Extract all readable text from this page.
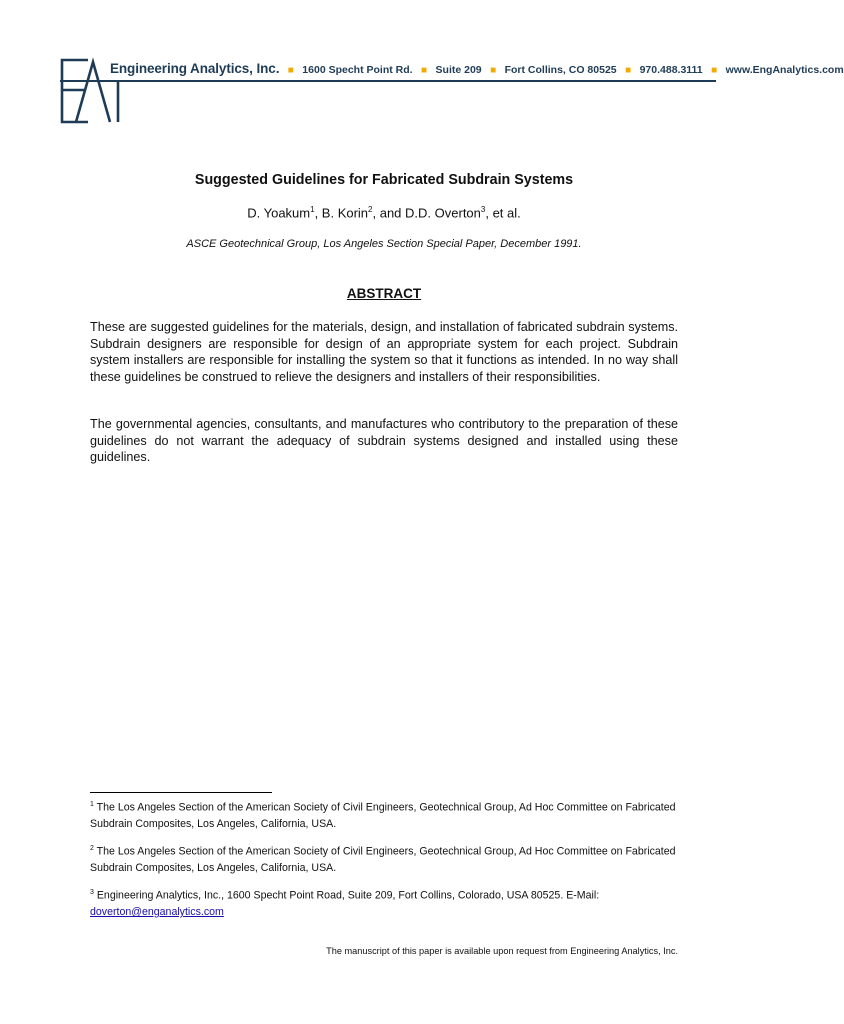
Engineering Analytics, Inc. ■ 1600 Specht Point Rd. ■ Suite 209 ■ Fort Collins, CO 80525 ■ 970.488.3111 ■ www.EngAnalytics.com
Suggested Guidelines for Fabricated Subdrain Systems
D. Yoakum$^1$, B. Korin$^2$, and D.D. Overton$^3$, et al.
ASCE Geotechnical Group, Los Angeles Section Special Paper, December 1991.
ABSTRACT

These are suggested guidelines for the materials, design, and installation of fabricated subdrain systems. Subdrain designers are responsible for design of an appropriate system for each project. Subdrain system installers are responsible for installing the system so that it functions as intended. In no way shall these guidelines be construed to relieve the designers and installers of their responsibilities.

The governmental agencies, consultants, and manufactures who contributory to the preparation of these guidelines do not warrant the adequacy of subdrain systems designed and installed using these guidelines.

$^1$ The Los Angeles Section of the American Society of Civil Engineers, Geotechnical Group, Ad Hoc Committee on Fabricated Subdrain Composites, Los Angeles, California, USA.

$^2$ The Los Angeles Section of the American Society of Civil Engineers, Geotechnical Group, Ad Hoc Committee on Fabricated Subdrain Composites, Los Angeles, California, USA.

$^3$ Engineering Analytics, Inc., 1600 Specht Point Road, Suite 209, Fort Collins, Colorado, USA 80525. E-Mail:
doverton@enganalytics.com

The manuscript of this paper is available upon request from Engineering Analytics, Inc.
